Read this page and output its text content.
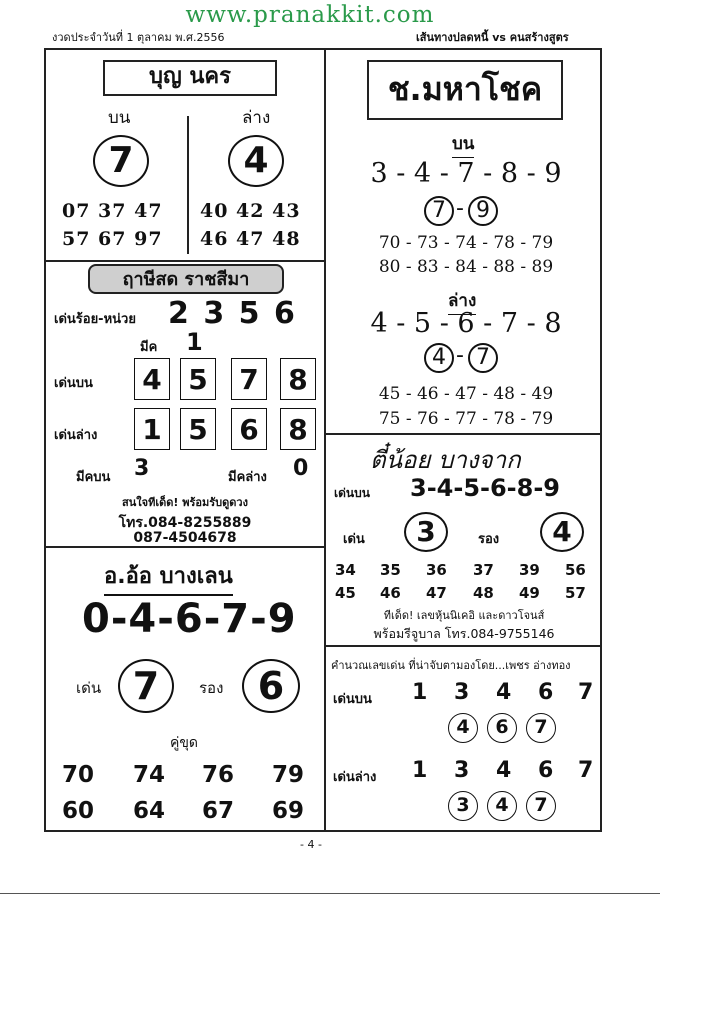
www.pranakkit.com
งวดประจำวันที่ 1 ตุลาคม พ.ศ.2556	เส้นทางปลดหนี้ vs คนสร้างสูตร
บุญ นคร
บน	ล่าง
7	4
07 37 47
57 67 97
40 42 43
46 47 48
ฤาษีสด ราชสีมา
เด่นร้อย-หน่วย 2 3 5 6
มีค 1
เด่นบน 4 5 7 8
เด่นล่าง 1 5 6 8
มีคบน 3	มีคล่าง 0
สนใจทีเด็ด! พร้อมรับดูดวง
โทร.084-8255889
087-4504678
อ.อ้อ บางเลน
0-4-6-7-9
เด่น 7	รอง 6
คู่ขุด
70 74 76 79
60 64 67 69
ช.มหาโชค
บน
3 - 4 - 7 - 8 - 9
7 - 9
70 - 73 - 74 - 78 - 79
80 - 83 - 84 - 88 - 89
ล่าง
4 - 5 - 6 - 7 - 8
4 - 7
45 - 46 - 47 - 48 - 49
75 - 76 - 77 - 78 - 79
ตี๋น้อย บางจาก
เด่นบน 3-4-5-6-8-9
เด่น	3	รอง	4
34 35 36 37 39 56
45 46 47 48 49 57
ทีเด็ด! เลขหุ้นนิเคอิ และดาวโจนส์
พร้อมรีจูบาล โทร.084-9755146
คำนวณเลขเด่น ที่น่าจับตามองโดย...เพชร อ่างทอง
เด่นบน 1 3 4 6 7
4	6	7
เด่นล่าง 1 3 4 6 7
3	4	7
- 4 -
